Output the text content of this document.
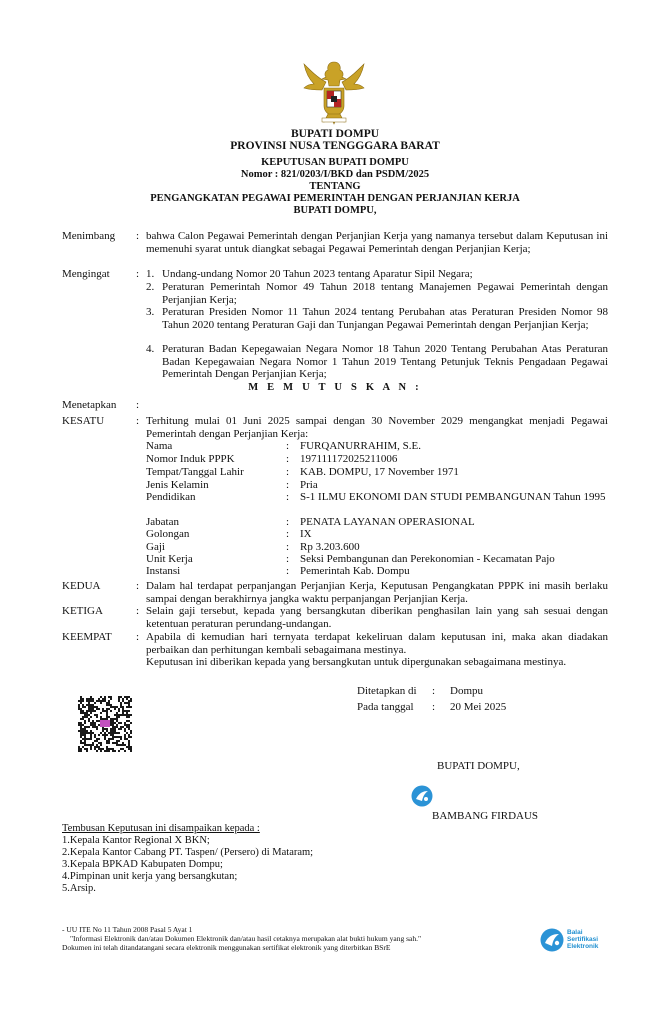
BUPATI DOMPU
PROVINSI NUSA TENGGGARA BARAT
KEPUTUSAN BUPATI DOMPU
Nomor : 821/0203/I/BKD dan PSDM/2025
TENTANG
PENGANGKATAN PEGAWAI PEMERINTAH DENGAN PERJANJIAN KERJA
BUPATI DOMPU,
Menimbang : bahwa Calon Pegawai Pemerintah dengan Perjanjian Kerja yang namanya tersebut dalam Keputusan ini memenuhi syarat untuk diangkat sebagai Pegawai Pemerintah dengan Perjanjian Kerja;
Mengingat : 1. Undang-undang Nomor 20 Tahun 2023 tentang Aparatur Sipil Negara;
2. Peraturan Pemerintah Nomor 49 Tahun 2018 tentang Manajemen Pegawai Pemerintah dengan Perjanjian Kerja;
3. Peraturan Presiden Nomor 11 Tahun 2024 tentang Perubahan atas Peraturan Presiden Nomor 98 Tahun 2020 tentang Peraturan Gaji dan Tunjangan Pegawai Pemerintah dengan Perjanjian Kerja;
4. Peraturan Badan Kepegawaian Negara Nomor 18 Tahun 2020 Tentang Perubahan Atas Peraturan Badan Kepegawaian Negara Nomor 1 Tahun 2019 Tentang Petunjuk Teknis Pengadaan Pegawai Pemerintah Dengan Perjanjian Kerja;
M E M U T U S K A N :
Menetapkan :
KESATU	: Terhitung mulai 01 Juni 2025 sampai dengan 30 November 2029 mengangkat menjadi Pegawai Pemerintah dengan Perjanjian Kerja:
Nama	: FURQANURRAHIM, S.E.
Nomor Induk PPPK	: 197111172025211006
Tempat/Tanggal Lahir	: KAB. DOMPU, 17 November 1971
Jenis Kelamin	: Pria
Pendidikan	: S-1 ILMU EKONOMI DAN STUDI PEMBANGUNAN Tahun 1995
Jabatan	: PENATA LAYANAN OPERASIONAL
Golongan	: IX
Gaji	: Rp 3.203.600
Unit Kerja	: Seksi Pembangunan dan Perekonomian - Kecamatan Pajo
Instansi	: Pemerintah Kab. Dompu
KEDUA	: Dalam hal terdapat perpanjangan Perjanjian Kerja, Keputusan Pengangkatan PPPK ini masih berlaku sampai dengan berakhirnya jangka waktu perpanjangan Perjanjian Kerja.
KETIGA	: Selain gaji tersebut, kepada yang bersangkutan diberikan penghasilan lain yang sah sesuai dengan ketentuan peraturan perundang-undangan.
KEEMPAT : Apabila di kemudian hari ternyata terdapat kekeliruan dalam keputusan ini, maka akan diadakan perbaikan dan perhitungan kembali sebagaimana mestinya.
Keputusan ini diberikan kepada yang bersangkutan untuk dipergunakan sebagaimana mestinya.
Ditetapkan di : Dompu
Pada tanggal : 20 Mei 2025
BUPATI DOMPU,
BAMBANG FIRDAUS
Tembusan Keputusan ini disampaikan kepada :
1.Kepala Kantor Regional X BKN;
2.Kepala Kantor Cabang PT. Taspen/ (Persero) di Mataram;
3.Kepala BPKAD Kabupaten Dompu;
4.Pimpinan unit kerja yang bersangkutan;
5.Arsip.
- UU ITE No 11 Tahun 2008 Pasal 5 Ayat 1
"Informasi Elektronik dan/atau Dokumen Elektronik dan/atau hasil cetaknya merupakan alat bukti hukum yang sah."
Dokumen ini telah ditandatangani secara elektronik menggunakan sertifikat elektronik yang diterbitkan BSrE
Balai
Sertifikasi
Elektronik
